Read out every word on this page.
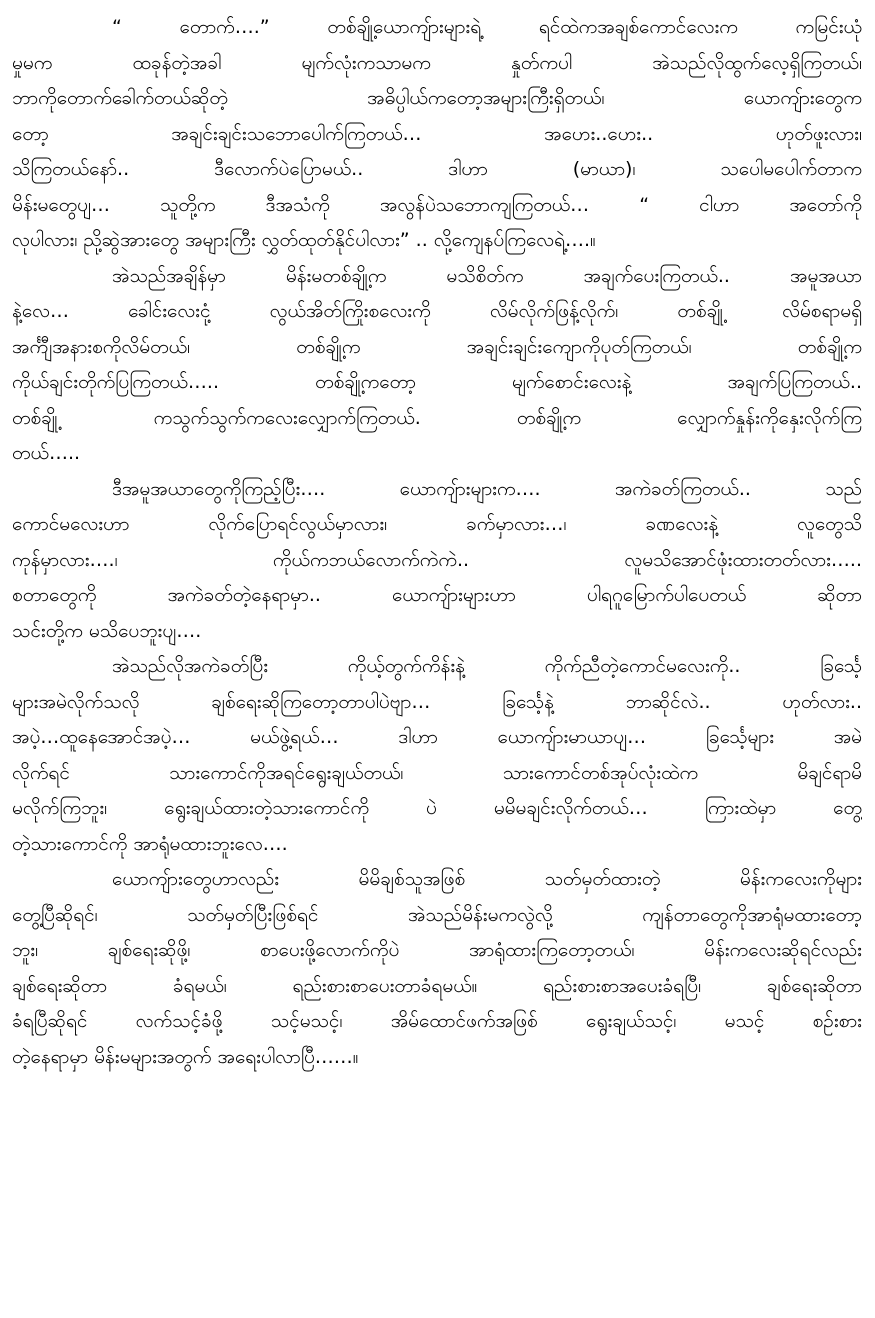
“ တောက်….” တစ်ချို့ယောကျ်ားများရဲ့ ရင်ထဲကအချစ်ကောင်လေးက ကမြင်းယုံ
မှုမက ထခုန်တဲ့အခါ မျက်လုံးကသာမက နှုတ်ကပါ အဲသည်လိုထွက်လေ့ရှိကြတယ်၊
ဘာကိုတောက်ခေါက်တယ်ဆိုတဲ့ အဓိပ္ပါယ်ကတော့အများကြီးရှိတယ်၊ ယောကျ်ားတွေက
တော့ အချင်းချင်းသဘောပေါက်ကြတယ်… အဟေး..ဟေး.. ဟုတ်ဖူးလား၊
သိကြတယ်နော်.. ဒီလောက်ပဲပြောမယ်.. ဒါဟာ (မာယာ)၊ သပေါမပေါက်တာက
မိန်းမတွေပျ… သူတို့က ဒီအသံကို အလွန်ပဲသဘောကျကြတယ်… “ ငါဟာ အတော်ကို
လုပါလား၊ ညို့ဆွဲအားတွေ အများကြီး လွှတ်ထုတ်နိုင်ပါလား” .. လို့ကျေနပ်ကြလေရဲ့….။
အဲသည်အချိန်မှာ မိန်းမတစ်ချို့က မသိစိတ်က အချက်ပေးကြတယ်.. အမူအယာ
နဲ့လေ… ခေါင်းလေးငုံ့ လွယ်အိတ်ကြိုးစလေးကို လိမ်လိုက်ဖြန့်လိုက်၊ တစ်ချို့ လိမ်စရာမရှိ
အင်္ကျီအနားစကိုလိမ်တယ်၊ တစ်ချို့က အချင်းချင်းကျောကိုပုတ်ကြတယ်၊ တစ်ချို့က
ကိုယ်ချင်းတိုက်ပြကြတယ်….. တစ်ချို့ကတော့ မျက်စောင်းလေးနဲ့ အချက်ပြကြတယ်..
တစ်ချို့ ကသွက်သွက်ကလေးလျှောက်ကြတယ်. တစ်ချို့က လျှောက်နှုန်းကိုနှေးလိုက်ကြ
တယ်…..
ဒီအမူအယာတွေကိုကြည့်ပြီး…. ယောကျ်ားများက…. အကဲခတ်ကြတယ်.. သည်
ကောင်မလေးဟာ လိုက်ပြောရင်လွယ်မှာလား၊ ခက်မှာလား…၊ ခဏလေးနဲ့ လူတွေသိ
ကုန်မှာလား….၊ ကိုယ်ကဘယ်လောက်ကဲကဲ.. လူမသိအောင်ဖုံးထားတတ်လား…..
စတာတွေကို အကဲခတ်တဲ့နေရာမှာ.. ယောကျ်ားများဟာ ပါရဂူမြောက်ပါပေတယ် ဆိုတာ
သင်းတို့က မသိပေဘူးပျ….
အဲသည်လိုအကဲခတ်ပြီး ကိုယ့်တွက်ကိန်းနဲ့ ကိုက်ညီတဲ့ကောင်မလေးကို.. ခြင်္သေ့
များအမဲလိုက်သလို ချစ်ရေးဆိုကြတော့တာပါပဲဗျာ… ခြင်္သေ့နဲ့ ဘာဆိုင်လဲ.. ဟုတ်လား..
အပဲ့…ထူနေအောင်အပဲ့… မယ်ဖွဲ့ရယ်… ဒါဟာ ယောကျ်ားမာယာပျ… ခြင်္သေ့များ အမဲ
လိုက်ရင် သားကောင်ကိုအရင်ရွေးချယ်တယ်၊ သားကောင်တစ်အုပ်လုံးထဲက မိချင်ရာမိ
မလိုက်ကြဘူး၊ ရွေးချယ်ထားတဲ့သားကောင်ကို ပဲ မမိမချင်းလိုက်တယ်… ကြားထဲမှာ တွေ့
တဲ့သားကောင်ကို အာရုံမထားဘူးလေ….
ယောကျ်ားတွေဟာလည်း မိမိချစ်သူအဖြစ် သတ်မှတ်ထားတဲ့ မိန်းကလေးကိုများ
တွေ့ပြီဆိုရင်၊ သတ်မှတ်ပြီးဖြစ်ရင် အဲသည်မိန်းမကလွဲလို့ ကျန်တာတွေကိုအာရုံမထားတော့
ဘူး၊ ချစ်ရေးဆိုဖို့၊ စာပေးဖို့လောက်ကိုပဲ အာရုံထားကြတော့တယ်၊ မိန်းကလေးဆိုရင်လည်း
ချစ်ရေးဆိုတာ ခံရမယ်၊ ရည်းစားစာပေးတာခံရမယ်။ ရည်းစားစာအပေးခံရပြီ၊ ချစ်ရေးဆိုတာ
ခံရပြီဆိုရင် လက်သင့်ခံဖို့ သင့်မသင့်၊ အိမ်ထောင်ဖက်အဖြစ် ရွေးချယ်သင့်၊ မသင့် စဉ်းစား
တဲ့နေရာမှာ မိန်းမများအတွက် အရေးပါလာပြီ……။
